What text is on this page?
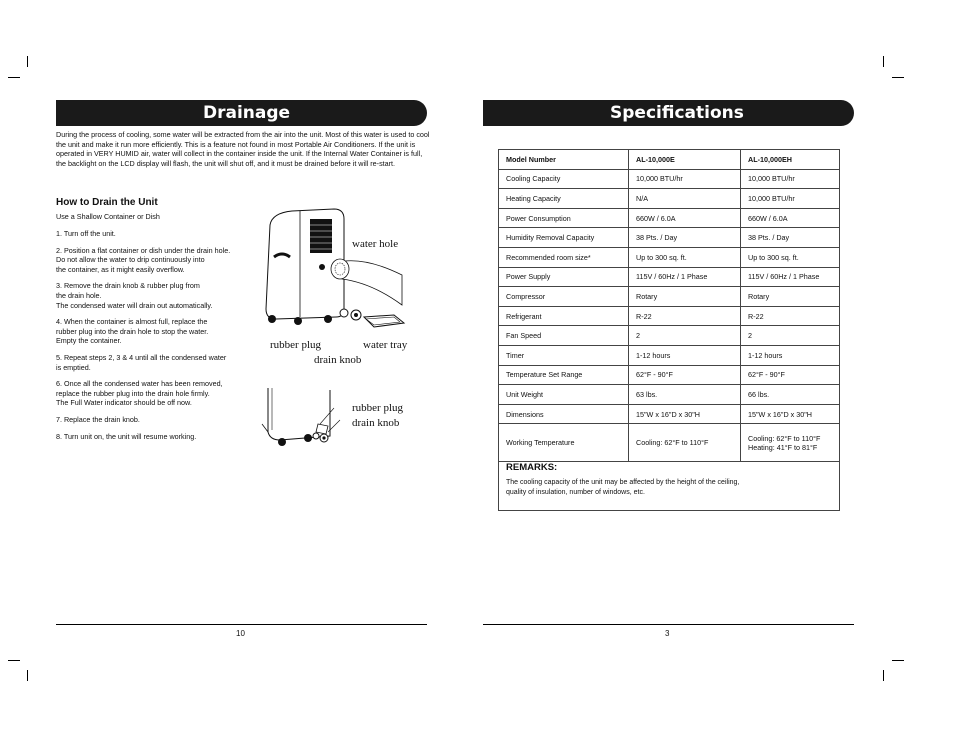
Drainage
During the process of cooling, some water will be extracted from the air into the unit. Most of this water is used to cool the unit and make it run more efficiently. This is a feature not found in most Portable Air Conditioners. If the unit is operated in VERY HUMID air, water will collect in the container inside the unit. If the Internal Water Container is full, the backlight on the LCD display will flash, the unit will shut off, and it must be drained before it will re-start.
How to Drain the Unit
Use a Shallow Container or Dish
1. Turn off the unit.
2. Position a flat container or dish under the drain hole.
Do not allow the water to drip continuously into
the container, as it might easily overflow.
3. Remove the drain knob & rubber plug from
the drain hole.
The condensed water will drain out automatically.
4. When the container is almost full, replace the
rubber plug into the drain hole to stop the water.
Empty the container.
5. Repeat steps 2, 3 & 4 until all the condensed water
is emptied.
6. Once all the condensed water has been removed,
replace the rubber plug into the drain hole firmly.
The Full Water indicator should be off now.
7. Replace the drain knob.
8. Turn unit on, the unit will resume working.
water hole
rubber plug	water tray
drain knob
rubber plug
drain knob
10
Specifications
Model Number	AL-10,000E	AL-10,000EH
Cooling Capacity	10,000 BTU/hr	10,000 BTU/hr
Heating Capacity	N/A	10,000 BTU/hr
Power Consumption	660W / 6.0A	660W / 6.0A
Humidity Removal Capacity	38 Pts. / Day	38 Pts. / Day
Recommended room size*	Up to 300 sq. ft.	Up to 300 sq. ft.
Power Supply	115V / 60Hz / 1 Phase	115V / 60Hz / 1 Phase
Compressor	Rotary	Rotary
Refrigerant	R-22	R-22
Fan Speed	2	2
Timer	1-12 hours	1-12 hours
Temperature Set Range	62°F - 90°F	62°F - 90°F
Unit Weight	63 lbs.	66 lbs.
Dimensions	15"W x 16"D x 30"H	15"W x 16"D x 30"H
Working Temperature	Cooling: 62°F to 110°F	Cooling: 62°F to 110°F
Heating: 41°F to 81°F
REMARKS:
The cooling capacity of the unit may be affected by the height of the ceiling,
quality of insulation, number of windows, etc.
3
